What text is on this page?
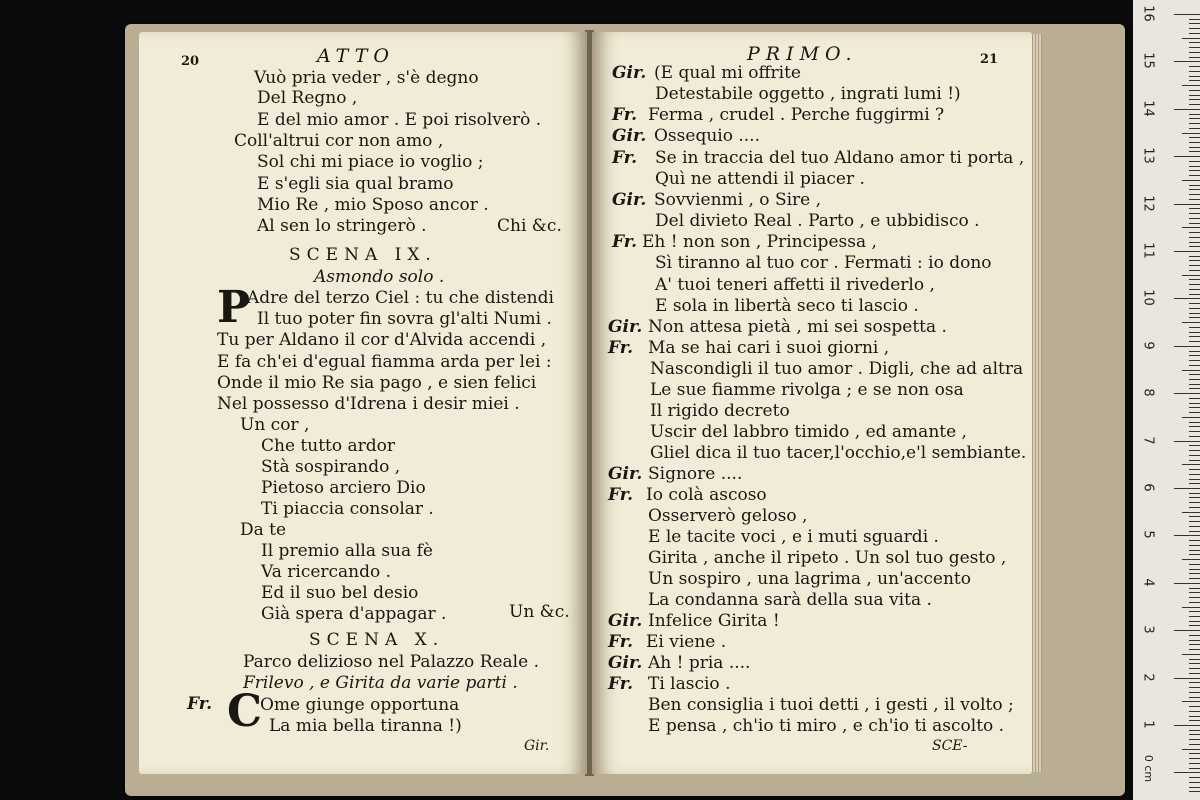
20	ATTO
Vuò pria veder , s'è degno
Del Regno ,
E del mio amor . E poi risolverò .
Coll'altrui cor non amo ,
Sol chi mi piace io voglio ;
E s'egli sia qual bramo
Mio Re , mio Sposo ancor .
Al sen lo stringerò .	Chi &c.
SCENA IX.
Asmondo solo .
P
Adre del terzo Ciel : tu che distendi
Il tuo poter fin sovra gl'alti Numi .
Tu per Aldano il cor d'Alvida accendi ,
E fa ch'ei d'egual fiamma arda per lei :
Onde il mio Re sia pago , e sien felici
Nel possesso d'Idrena i desir miei .
Un cor ,
Che tutto ardor
Stà sospirando ,
Pietoso arciero Dio
Ti piaccia consolar .
Da te
Il premio alla sua fè
Va ricercando .
Ed il suo bel desio
Già spera d'appagar .	Un &c.
SCENA X.
Parco delizioso nel Palazzo Reale .
Frilevo , e Girita da varie parti .
Fr. C
Ome giunge opportuna
La mia bella tiranna !)
Gir.
PRIMO.	21
Gir. (E qual mi offrite
Detestabile oggetto , ingrati lumi !)
Fr. Ferma , crudel . Perche fuggirmi ?
Gir. Ossequio ....
Fr. Se in traccia del tuo Aldano amor ti porta ,
Quì ne attendi il piacer .
Gir. Sovvienmi , o Sire ,
Del divieto Real . Parto , e ubbidisco .
Fr. Eh ! non son , Principessa ,
Sì tiranno al tuo cor . Fermati : io dono
A' tuoi teneri affetti il rivederlo ,
E sola in libertà seco ti lascio .
Gir. Non attesa pietà , mi sei sospetta .
Fr. Ma se hai cari i suoi giorni ,
Nascondigli il tuo amor . Digli, che ad altra
Le sue fiamme rivolga ; e se non osa
Il rigido decreto
Uscir del labbro timido , ed amante ,
Gliel dica il tuo tacer,l'occhio,e'l sembiante.
Gir. Signore ....
Fr. Io colà ascoso
Osserverò geloso ,
E le tacite voci , e i muti sguardi .
Girita , anche il ripeto . Un sol tuo gesto ,
Un sospiro , una lagrima , un'accento
La condanna sarà della sua vita .
Gir. Infelice Girita !
Fr. Ei viene .
Gir. Ah ! pria ....
Fr. Ti lascio .
Ben consiglia i tuoi detti , i gesti , il volto ;
E pensa , ch'io ti miro , e ch'io ti ascolto .
SCE-
16
15
14
13
12
11
10
9
8
7
6
5
4
3
2
1
0 cm
